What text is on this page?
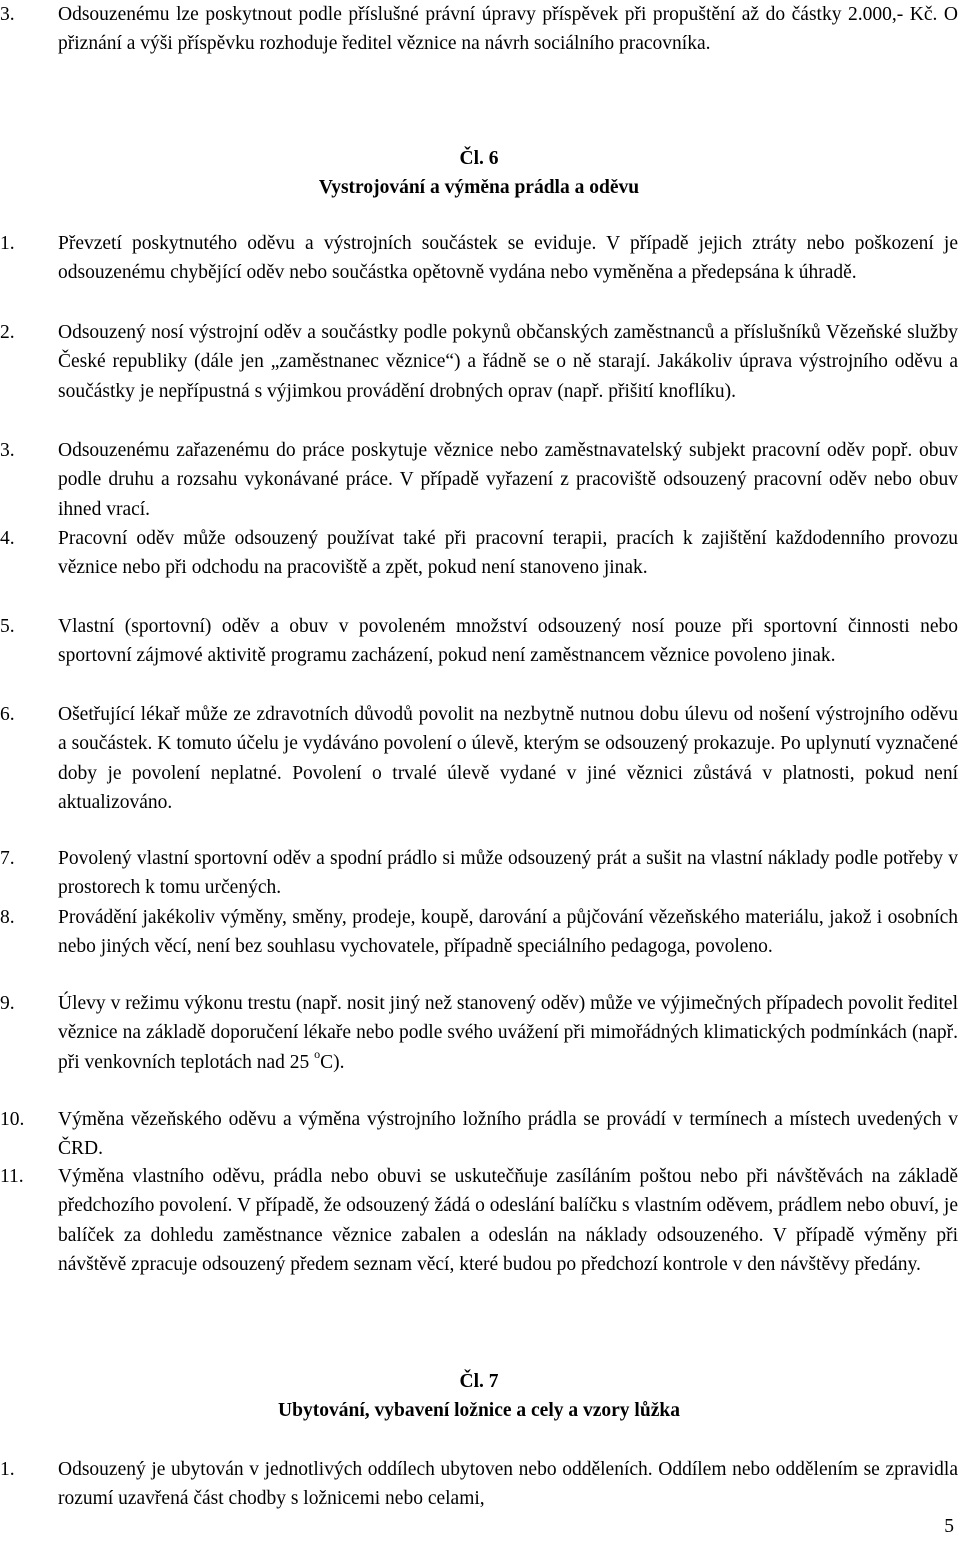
3.	Odsouzenému lze poskytnout podle příslušné právní úpravy příspěvek při propuštění až do částky 2.000,- Kč. O přiznání a výši příspěvku rozhoduje ředitel věznice na návrh sociálního pracovníka.
Čl. 6
Vystrojování a výměna prádla a oděvu
1.	Převzetí poskytnutého oděvu a výstrojních součástek se eviduje. V případě jejich ztráty nebo poškození je odsouzenému chybějící oděv nebo součástka opětovně vydána nebo vyměněna a předepsána k úhradě.
2.	Odsouzený nosí výstrojní oděv a součástky podle pokynů občanských zaměstnanců a příslušníků Vězeňské služby České republiky (dále jen „zaměstnanec věznice“) a řádně se o ně starají. Jakákoliv úprava výstrojního oděvu a součástky je nepřípustná s výjimkou provádění drobných oprav (např. přišití knoflíku).
3.	Odsouzenému zařazenému do práce poskytuje věznice nebo zaměstnavatelský subjekt pracovní oděv popř. obuv podle druhu a rozsahu vykonávané práce. V případě vyřazení z pracoviště odsouzený pracovní oděv nebo obuv ihned vrací.
4.	Pracovní oděv může odsouzený používat také při pracovní terapii, pracích k zajištění každodenního provozu věznice nebo při odchodu na pracoviště a zpět, pokud není stanoveno jinak.
5.	Vlastní (sportovní) oděv a obuv v povoleném množství odsouzený nosí pouze při sportovní činnosti nebo sportovní zájmové aktivitě programu zacházení, pokud není zaměstnancem věznice povoleno jinak.
6.	Ošetřující lékař může ze zdravotních důvodů povolit na nezbytně nutnou dobu úlevu od nošení výstrojního oděvu a součástek. K tomuto účelu je vydáváno povolení o úlevě, kterým se odsouzený prokazuje. Po uplynutí vyznačené doby je povolení neplatné. Povolení o trvalé úlevě vydané v jiné věznici zůstává v platnosti, pokud není aktualizováno.
7.	Povolený vlastní sportovní oděv a spodní prádlo si může odsouzený prát a sušit na vlastní náklady podle potřeby v prostorech k tomu určených.
8.	Provádění jakékoliv výměny, směny, prodeje, koupě, darování a půjčování vězeňského materiálu, jakož i osobních nebo jiných věcí, není bez souhlasu vychovatele, případně speciálního pedagoga, povoleno.
9.	Úlevy v režimu výkonu trestu (např. nosit jiný než stanovený oděv) může ve výjimečných případech povolit ředitel věznice na základě doporučení lékaře nebo podle svého uvážení při mimořádných klimatických podmínkách (např. při venkovních teplotách nad 25 $^o$C).
10.	Výměna vězeňského oděvu a výměna výstrojního ložního prádla se provádí v termínech a místech uvedených v ČRD.
11.	Výměna vlastního oděvu, prádla nebo obuvi se uskutečňuje zasíláním poštou nebo při návštěvách na základě předchozího povolení. V případě, že odsouzený žádá o odeslání balíčku s vlastním oděvem, prádlem nebo obuví, je balíček za dohledu zaměstnance věznice zabalen a odeslán na náklady odsouzeného. V případě výměny při návštěvě zpracuje odsouzený předem seznam věcí, které budou po předchozí kontrole v den návštěvy předány.
Čl. 7
Ubytování, vybavení ložnice a cely a vzory lůžka
1.	Odsouzený je ubytován v jednotlivých oddílech ubytoven nebo odděleních. Oddílem nebo oddělením se zpravidla rozumí uzavřená část chodby s ložnicemi nebo celami,
5
